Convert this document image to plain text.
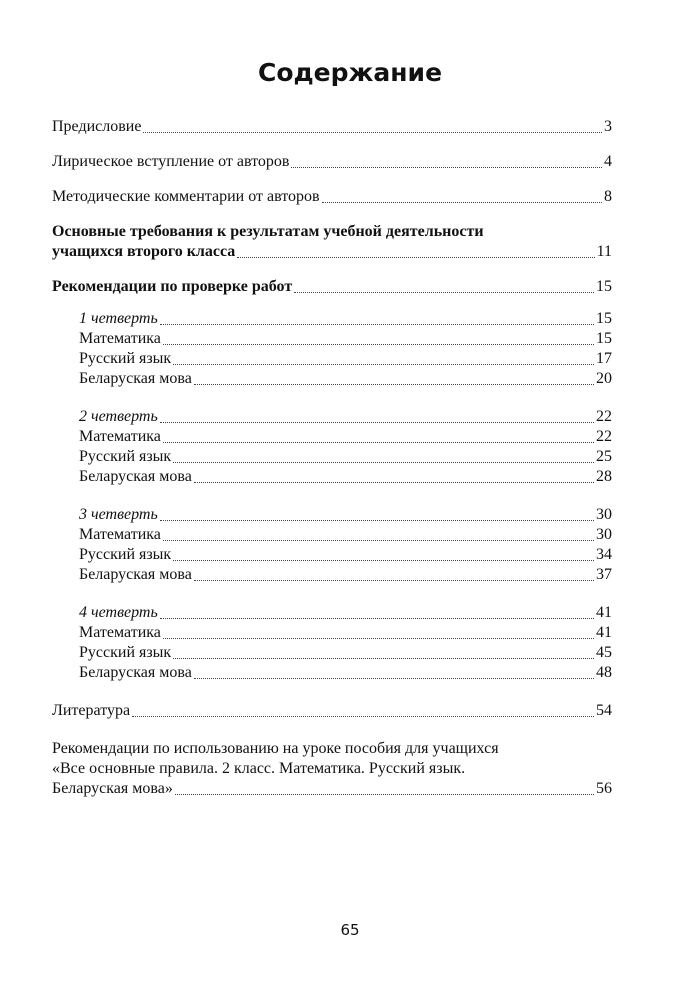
Содержание
Предисловие	3
Лирическое вступление от авторов	4
Методические комментарии от авторов	8
Основные требования к результатам учебной деятельности
учащихся второго класса	11
Рекомендации по проверке работ	15
1 четверть	15
Математика	15
Русский язык	17
Беларуская мова	20
2 четверть	22
Математика	22
Русский язык	25
Беларуская мова	28
3 четверть	30
Математика	30
Русский язык	34
Беларуская мова	37
4 четверть	41
Математика	41
Русский язык	45
Беларуская мова	48
Литература	54
Рекомендации по использованию на уроке пособия для учащихся
«Все основные правила. 2 класс. Математика. Русский язык.
Беларуская мова»	56
65
